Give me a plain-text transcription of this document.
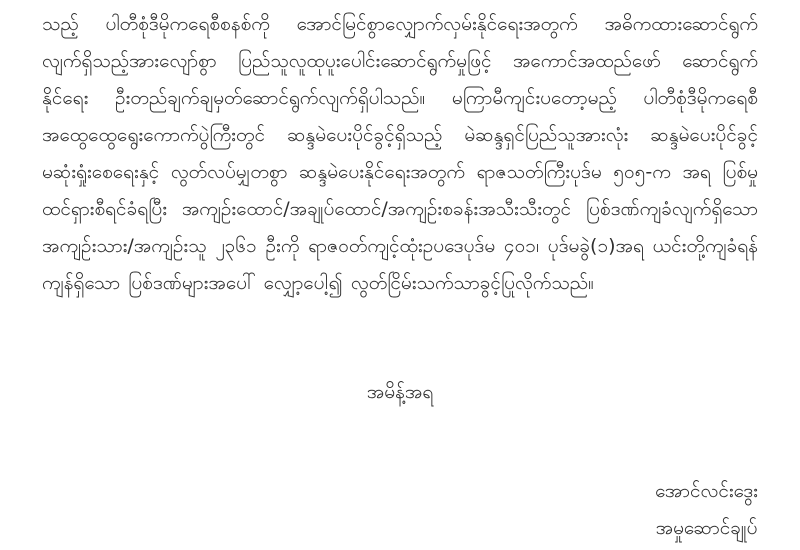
သည့် ပါတီစုံဒီမိုကရေစီစနစ်ကို အောင်မြင်စွာလျှောက်လှမ်းနိုင်ရေးအတွက် အဓိကထားဆောင်ရွက်
လျက်ရှိသည့်အားလျော်စွာ ပြည်သူလူထုပူးပေါင်းဆောင်ရွက်မှုဖြင့် အကောင်အထည်ဖော် ဆောင်ရွက်
နိုင်ရေး ဦးတည်ချက်ချမှတ်ဆောင်ရွက်လျက်ရှိပါသည်။ မကြာမီကျင်းပတော့မည့် ပါတီစုံဒီမိုကရေစီ
အထွေထွေရွေးကောက်ပွဲကြီးတွင် ဆန္ဒမဲပေးပိုင်ခွင့်ရှိသည့် မဲဆန္ဒရှင်ပြည်သူအားလုံး ဆန္ဒမဲပေးပိုင်ခွင့်
မဆုံးရှုံးစေရေးနှင့် လွတ်လပ်မျှတစွာ ဆန္ဒမဲပေးနိုင်ရေးအတွက် ရာဇသတ်ကြီးပုဒ်မ ၅၀၅-က အရ ပြစ်မှု
ထင်ရှားစီရင်ခံရပြီး အကျဉ်းထောင်/အချုပ်ထောင်/အကျဉ်းစခန်းအသီးသီးတွင် ပြစ်ဒဏ်ကျခံလျက်ရှိသော
အကျဉ်းသား/အကျဉ်းသူ ၂၃၆၁ ဦးကို ရာဇဝတ်ကျင့်ထုံးဥပဒေပုဒ်မ ၄၀၁၊ ပုဒ်မခွဲ(၁)အရ ယင်းတို့ကျခံရန်
ကျန်ရှိသော ပြစ်ဒဏ်များအပေါ် လျှော့ပေါ့၍ လွတ်ငြိမ်းသက်သာခွင့်ပြုလိုက်သည်။
အမိန့်အရ
အောင်လင်းဒွေး
အမှုဆောင်ချုပ်
